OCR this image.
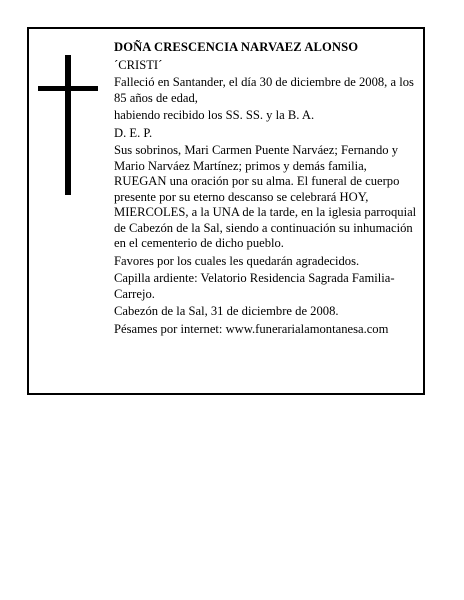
DOÑA CRESCENCIA NARVAEZ ALONSO

´CRISTI´

Falleció en Santander, el día 30 de diciembre de 2008, a los 85 años de edad,

habiendo recibido los SS. SS. y la B. A.

D. E. P.

Sus sobrinos, Mari Carmen Puente Narváez; Fernando y Mario Narváez Martínez; primos y demás familia, RUEGAN una oración por su alma. El funeral de cuerpo presente por su eterno descanso se celebrará HOY, MIERCOLES, a la UNA de la tarde, en la iglesia parroquial de Cabezón de la Sal, siendo a continuación su inhumación en el cementerio de dicho pueblo.

Favores por los cuales les quedarán agradecidos.

Capilla ardiente: Velatorio Residencia Sagrada Familia-Carrejo.

Cabezón de la Sal, 31 de diciembre de 2008.

Pésames por internet: www.funerarialamontanesa.com
